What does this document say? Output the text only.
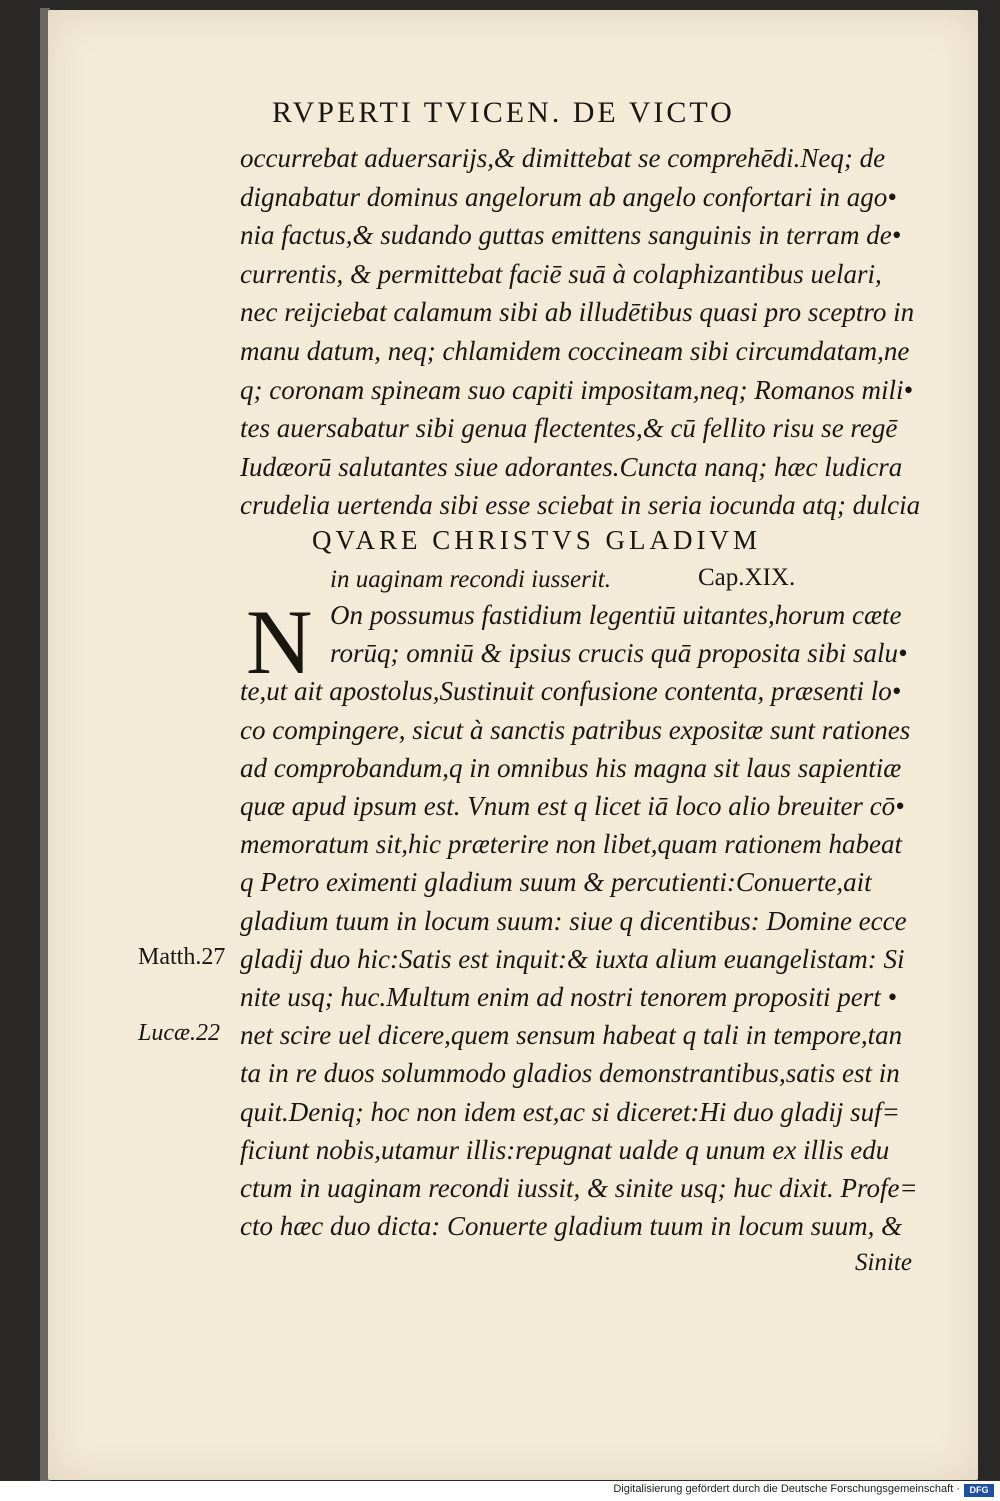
RVPERTI TVICEN. DE VICTO
occurrebat aduersarijs,& dimittebat se comprehēdi.Neq; de
dignabatur dominus angelorum ab angelo confortari in ago•
nia factus,& sudando guttas emittens sanguinis in terram de•
currentis, & permittebat faciē suā à colaphizantibus uelari,
nec reijciebat calamum sibi ab illudētibus quasi pro sceptro in
manu datum, neq; chlamidem coccineam sibi circumdatam,ne
q; coronam spineam suo capiti impositam,neq; Romanos mili•
tes auersabatur sibi genua flectentes,& cū fellito risu se regē
Iudæorū salutantes siue adorantes.Cuncta nanq; hæc ludicra
crudelia uertenda sibi esse sciebat in seria iocunda atq; dulcia
QVARE CHRISTVS GLADIVM
in uaginam recondi iusserit.	Cap.XIX.
N On possumus fastidium legentiū uitantes,horum cæte
rorūq; omniū & ipsius crucis quā proposita sibi salu•
te,ut ait apostolus,Sustinuit confusione contenta, præsenti lo•
co compingere, sicut à sanctis patribus expositæ sunt rationes
ad comprobandum,q in omnibus his magna sit laus sapientiæ
quæ apud ipsum est. Vnum est q licet iā loco alio breuiter cō•
memoratum sit,hic præterire non libet,quam rationem habeat
q Petro eximenti gladium suum & percutienti:Conuerte,ait
gladium tuum in locum suum: siue q dicentibus: Domine ecce
gladij duo hic:Satis est inquit:& iuxta alium euangelistam: Si
nite usq; huc.Multum enim ad nostri tenorem propositi pert •
net scire uel dicere,quem sensum habeat q tali in tempore,tan
ta in re duos solummodo gladios demonstrantibus,satis est in
quit.Deniq; hoc non idem est,ac si diceret:Hi duo gladij suf=
ficiunt nobis,utamur illis:repugnat ualde q unum ex illis edu
ctum in uaginam recondi iussit, & sinite usq; huc dixit. Profe=
cto hæc duo dicta: Conuerte gladium tuum in locum suum, &
Matth.27
Lucæ.22
Sinite
Digitalisierung gefördert durch die Deutsche Forschungsgemeinschaft ·	DFG
